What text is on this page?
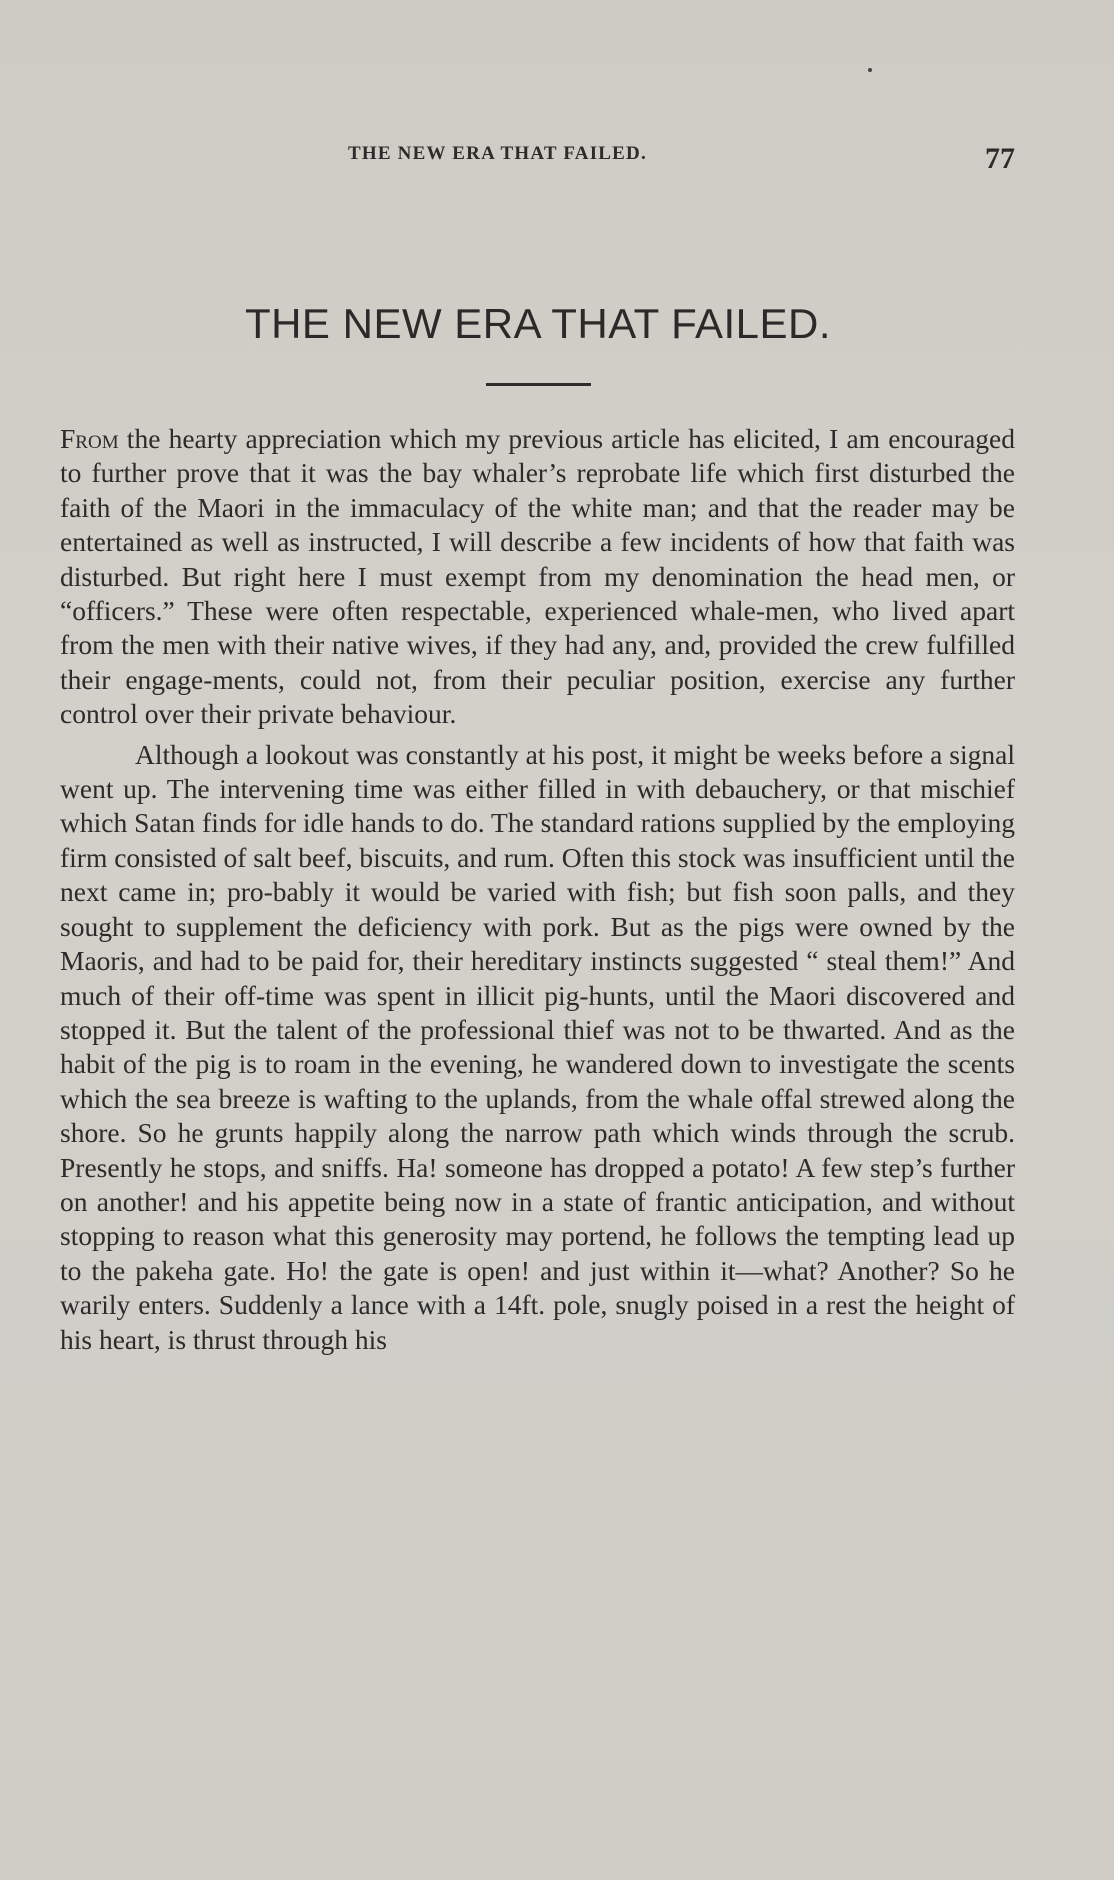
THE NEW ERA THAT FAILED.	77
THE NEW ERA THAT FAILED.

From the hearty appreciation which my previous article has elicited, I am encouraged to further prove that it was the bay whaler’s reprobate life which first disturbed the faith of the Maori in the immaculacy of the white man; and that the reader may be entertained as well as instructed, I will describe a few incidents of how that faith was disturbed. But right here I must exempt from my denomination the head men, or “officers.” These were often respectable, experienced whale-men, who lived apart from the men with their native wives, if they had any, and, provided the crew fulfilled their engage-ments, could not, from their peculiar position, exercise any further control over their private behaviour.

Although a lookout was constantly at his post, it might be weeks before a signal went up. The intervening time was either filled in with debauchery, or that mischief which Satan finds for idle hands to do. The standard rations supplied by the employing firm consisted of salt beef, biscuits, and rum. Often this stock was insufficient until the next came in; pro-bably it would be varied with fish; but fish soon palls, and they sought to supplement the deficiency with pork. But as the pigs were owned by the Maoris, and had to be paid for, their hereditary instincts suggested “ steal them!” And much of their off-time was spent in illicit pig-hunts, until the Maori discovered and stopped it. But the talent of the professional thief was not to be thwarted. And as the habit of the pig is to roam in the evening, he wandered down to investigate the scents which the sea breeze is wafting to the uplands, from the whale offal strewed along the shore. So he grunts happily along the narrow path which winds through the scrub. Presently he stops, and sniffs. Ha! someone has dropped a potato! A few step’s further on another! and his appetite being now in a state of frantic anticipation, and without stopping to reason what this generosity may portend, he follows the tempting lead up to the pakeha gate. Ho! the gate is open! and just within it—what? Another? So he warily enters. Suddenly a lance with a 14ft. pole, snugly poised in a rest the height of his heart, is thrust through his
